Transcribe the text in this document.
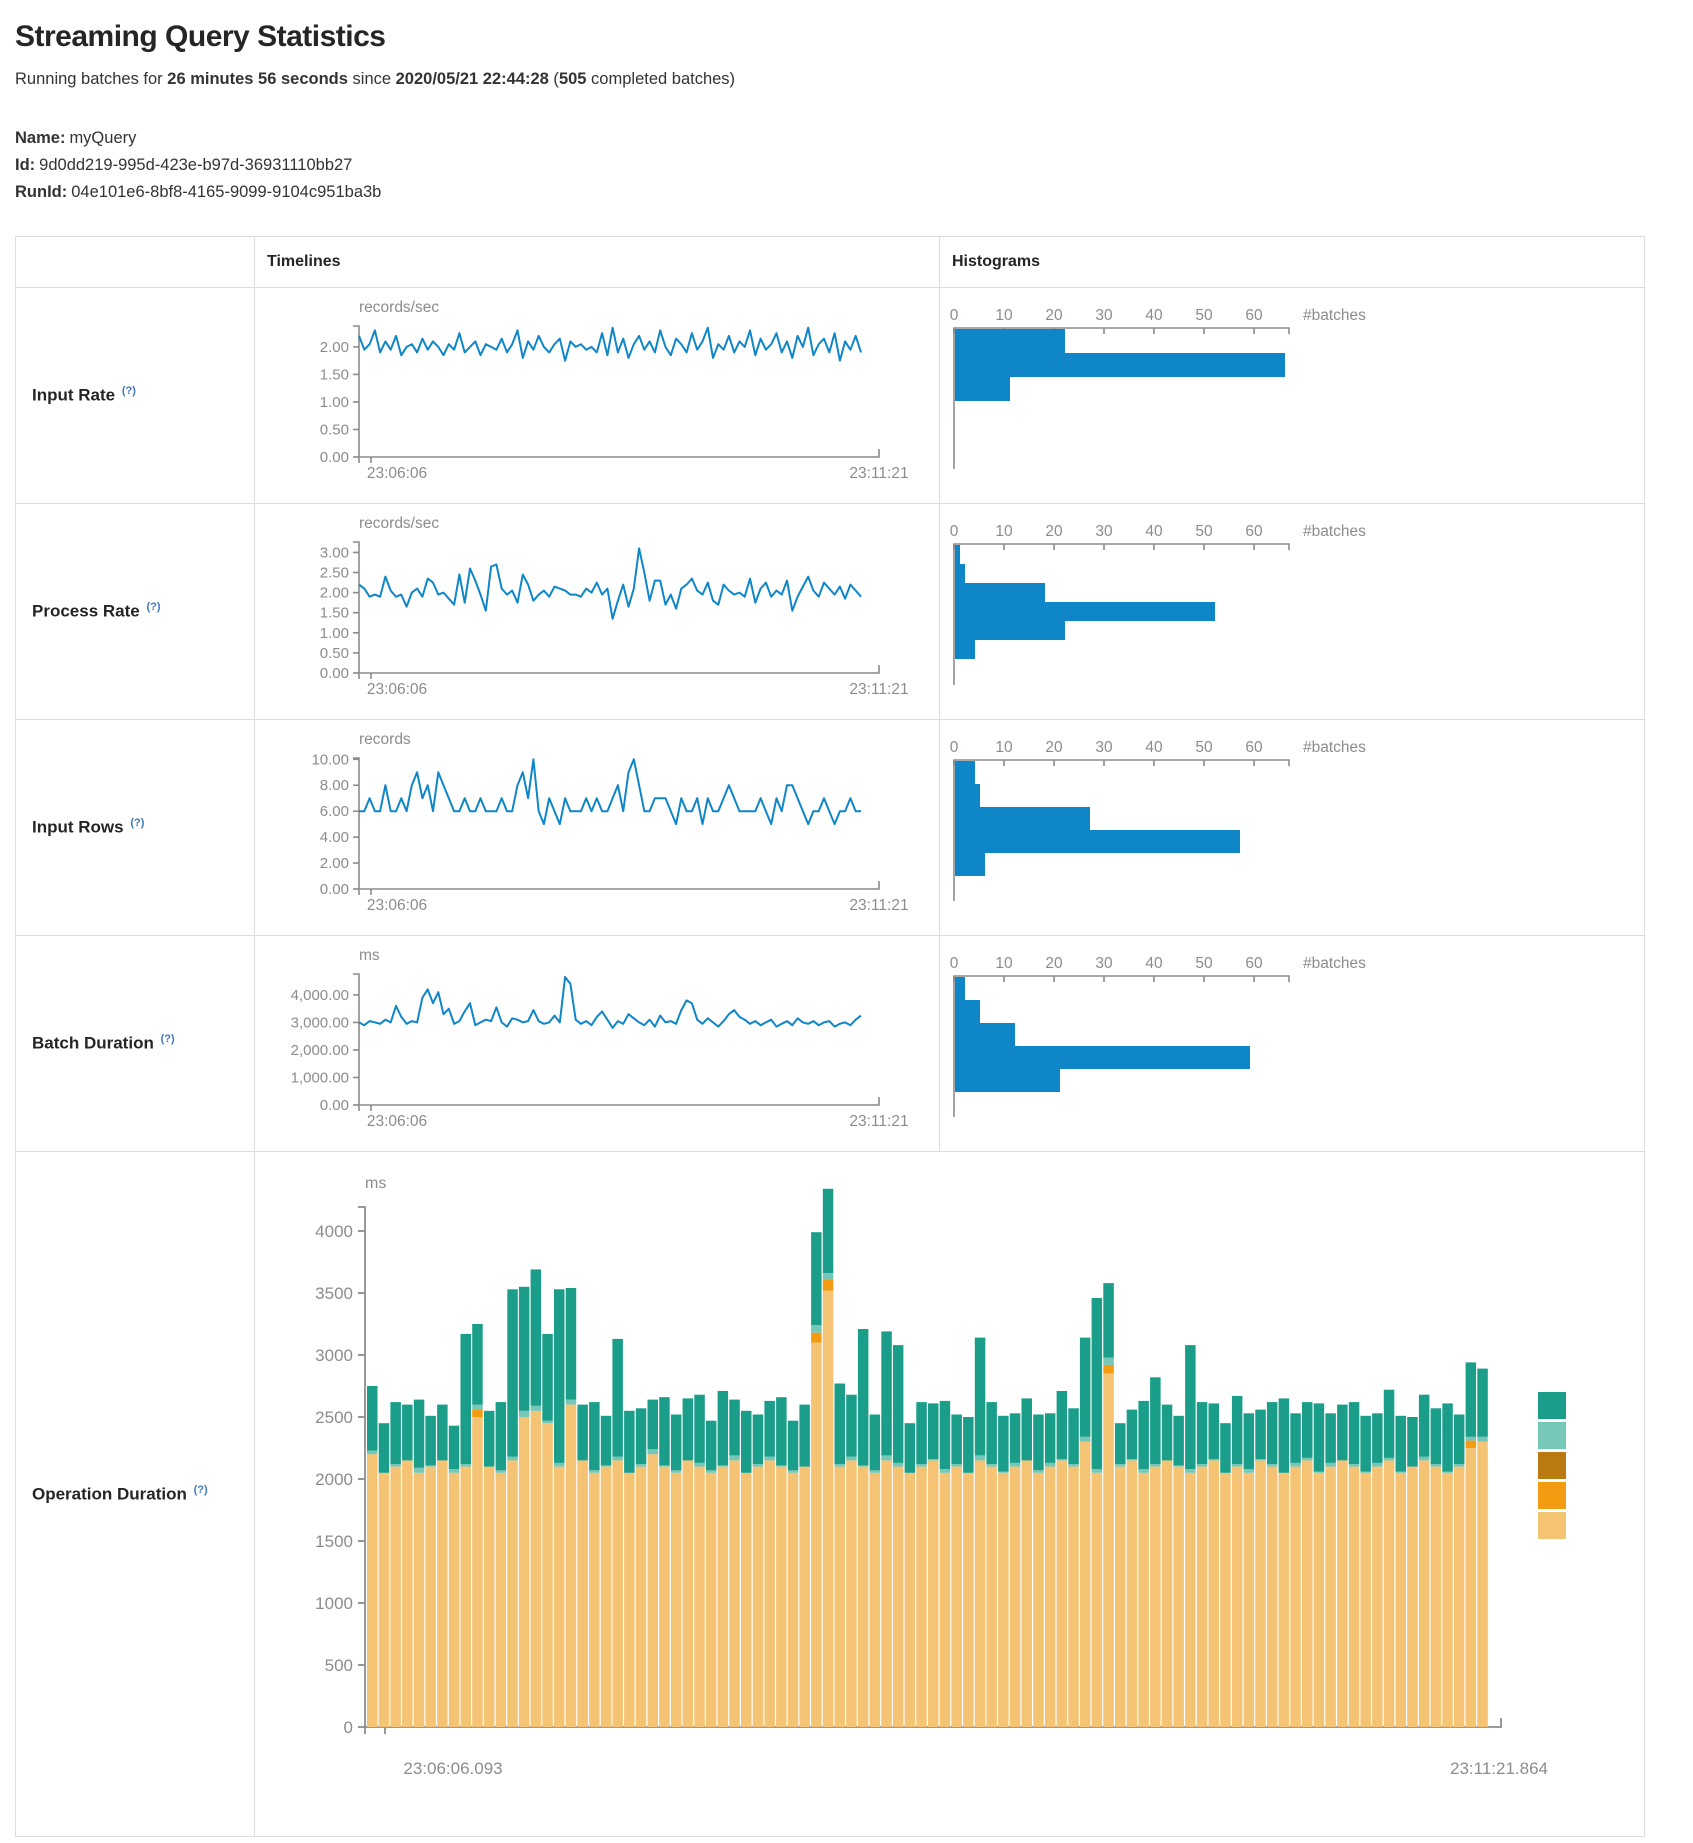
Streaming Query Statistics

Running batches for 26 minutes 56 seconds since 2020/05/21 22:44:28 (505 completed batches)

Name: myQuery
Id: 9d0dd219-995d-423e-b97d-36931110bb27
RunId: 04e101e6-8bf8-4165-9099-9104c951ba3b
	Timelines	Histograms
Input Rate (?)	
records/sec
0.00
0.50
1.00
1.50
2.00
23:06:06	23:11:21

0 10 20 30 40 50 60	#batches

Process Rate (?)	
records/sec
0.00
0.50
1.00
1.50
2.00
2.50
3.00
23:06:06	23:11:21

0 10 20 30 40 50 60	#batches

Input Rows (?)	
records
0.00
2.00
4.00
6.00
8.00
10.00
23:06:06	23:11:21

0 10 20 30 40 50 60	#batches

Batch Duration (?)	
ms
0.00
1,000.00
2,000.00
3,000.00
4,000.00
23:06:06	23:11:21

0 10 20 30 40 50 60	#batches

Operation Duration (?)	
ms
0
500
1000
1500
2000
2500
3000
3500
4000
23:06:06.093	23:11:21.864
